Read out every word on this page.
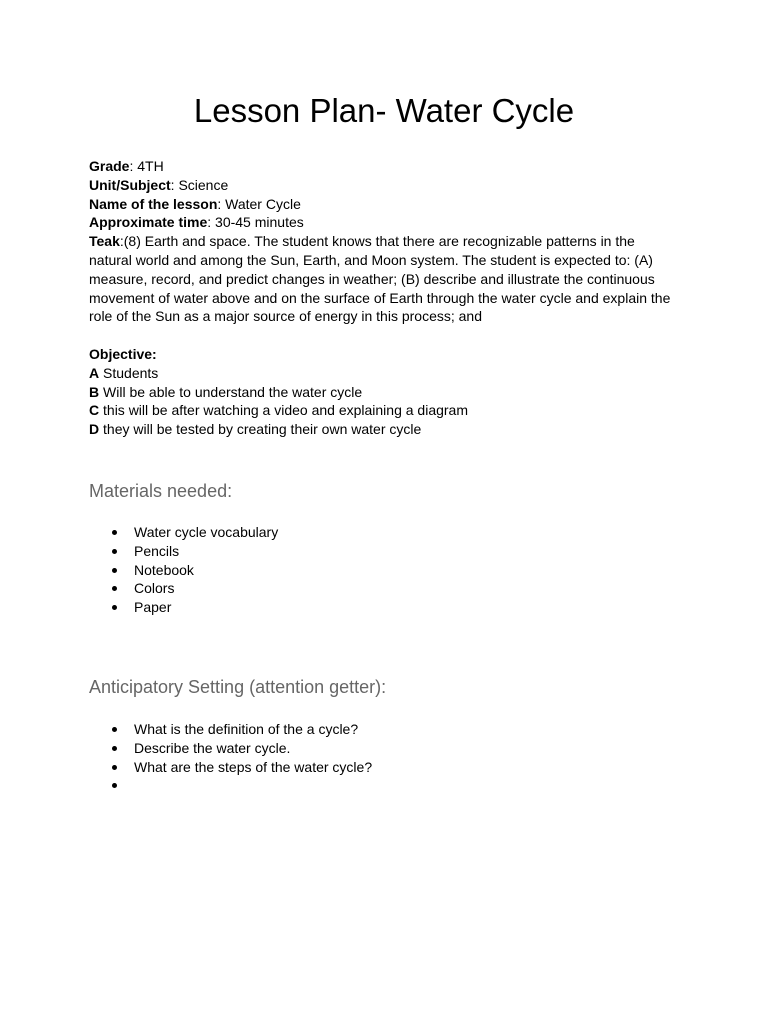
Lesson Plan- Water Cycle

Grade: 4TH

Unit/Subject: Science

Name of the lesson: Water Cycle

Approximate time: 30-45 minutes

Teak:(8) Earth and space. The student knows that there are recognizable patterns in the natural world and among the Sun, Earth, and Moon system. The student is expected to: (A) measure, record, and predict changes in weather; (B) describe and illustrate the continuous movement of water above and on the surface of Earth through the water cycle and explain the role of the Sun as a major source of energy in this process; and

Objective:

A Students

B Will be able to understand the water cycle

C this will be after watching a video and explaining a diagram

D they will be tested by creating their own water cycle

Materials needed:
Water cycle vocabulary
Pencils
Notebook
Colors
Paper
Anticipatory Setting (attention getter):
What is the definition of the a cycle?
Describe the water cycle.
What are the steps of the water cycle?
